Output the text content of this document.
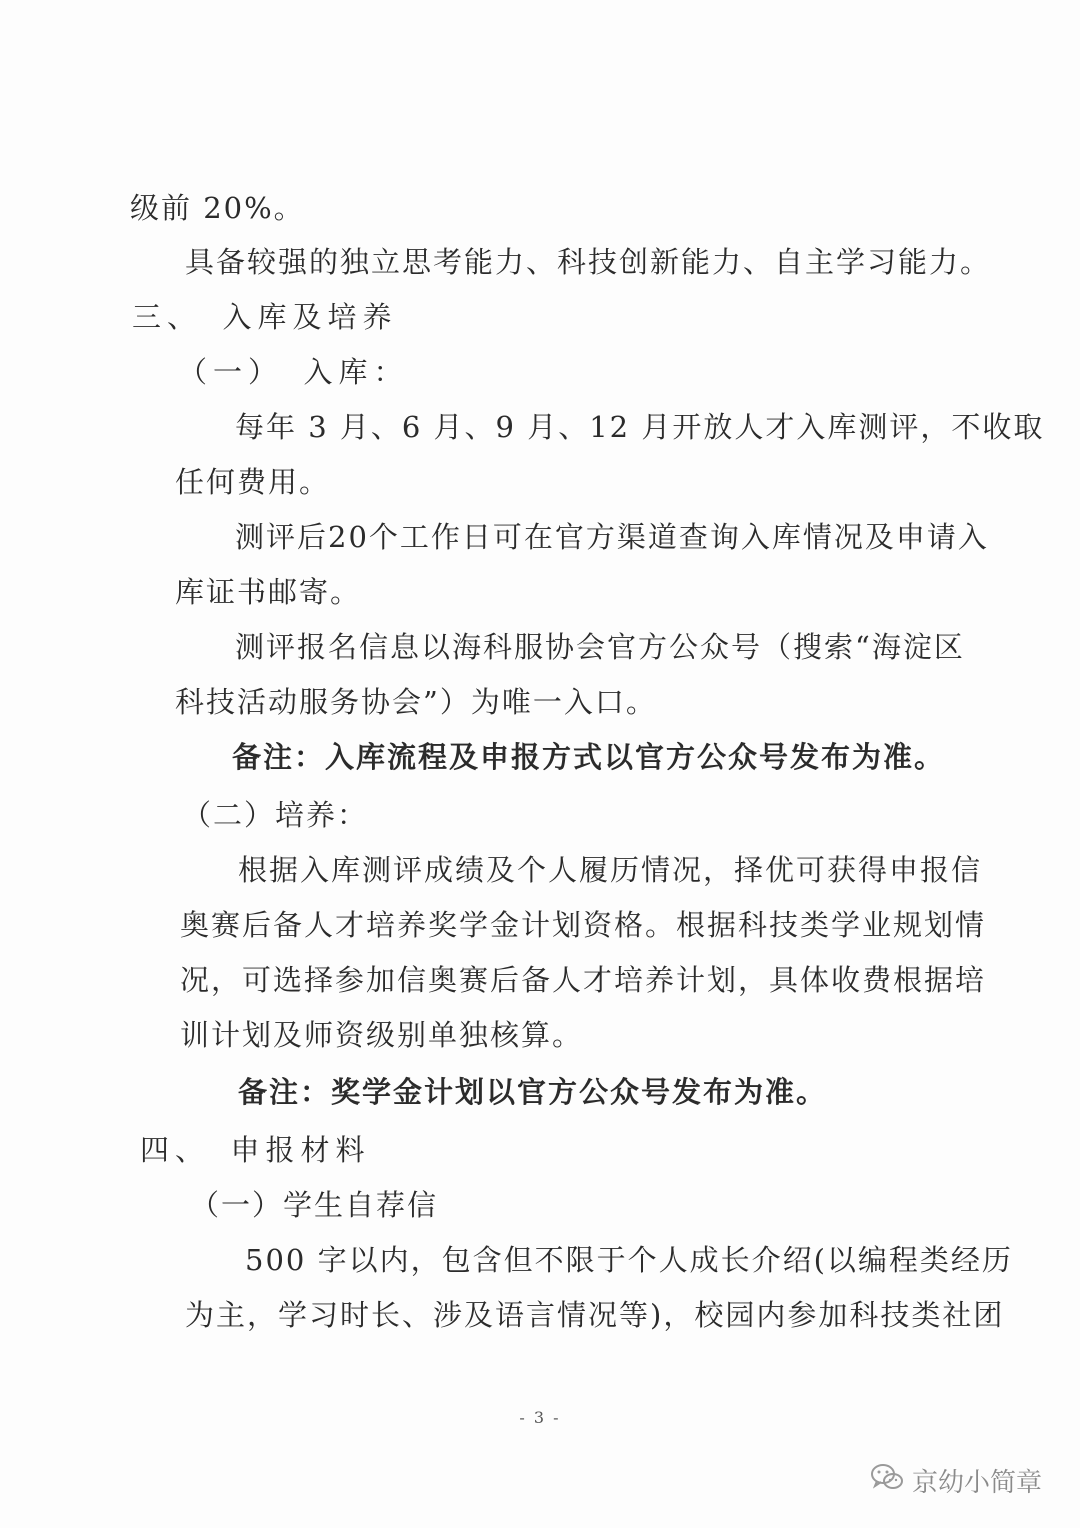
级前 20%。
具备较强的独立思考能力、科技创新能力、自主学习能力。
三、　入库及培养
（一）　入库：
每年 3 月、6 月、9 月、12 月开放人才入库测评，不收取
任何费用。
测评后20个工作日可在官方渠道查询入库情况及申请入
库证书邮寄。
测评报名信息以海科服协会官方公众号（搜索“海淀区
科技活动服务协会”）为唯一入口。
备注：入库流程及申报方式以官方公众号发布为准。
（二）培养：
根据入库测评成绩及个人履历情况，择优可获得申报信
奥赛后备人才培养奖学金计划资格。根据科技类学业规划情
况，可选择参加信奥赛后备人才培养计划，具体收费根据培
训计划及师资级别单独核算。
备注：奖学金计划以官方公众号发布为准。
四、　申报材料
（一）学生自荐信
500 字以内，包含但不限于个人成长介绍(以编程类经历
为主，学习时长、涉及语言情况等)，校园内参加科技类社团
- 3 -
京幼小简章
